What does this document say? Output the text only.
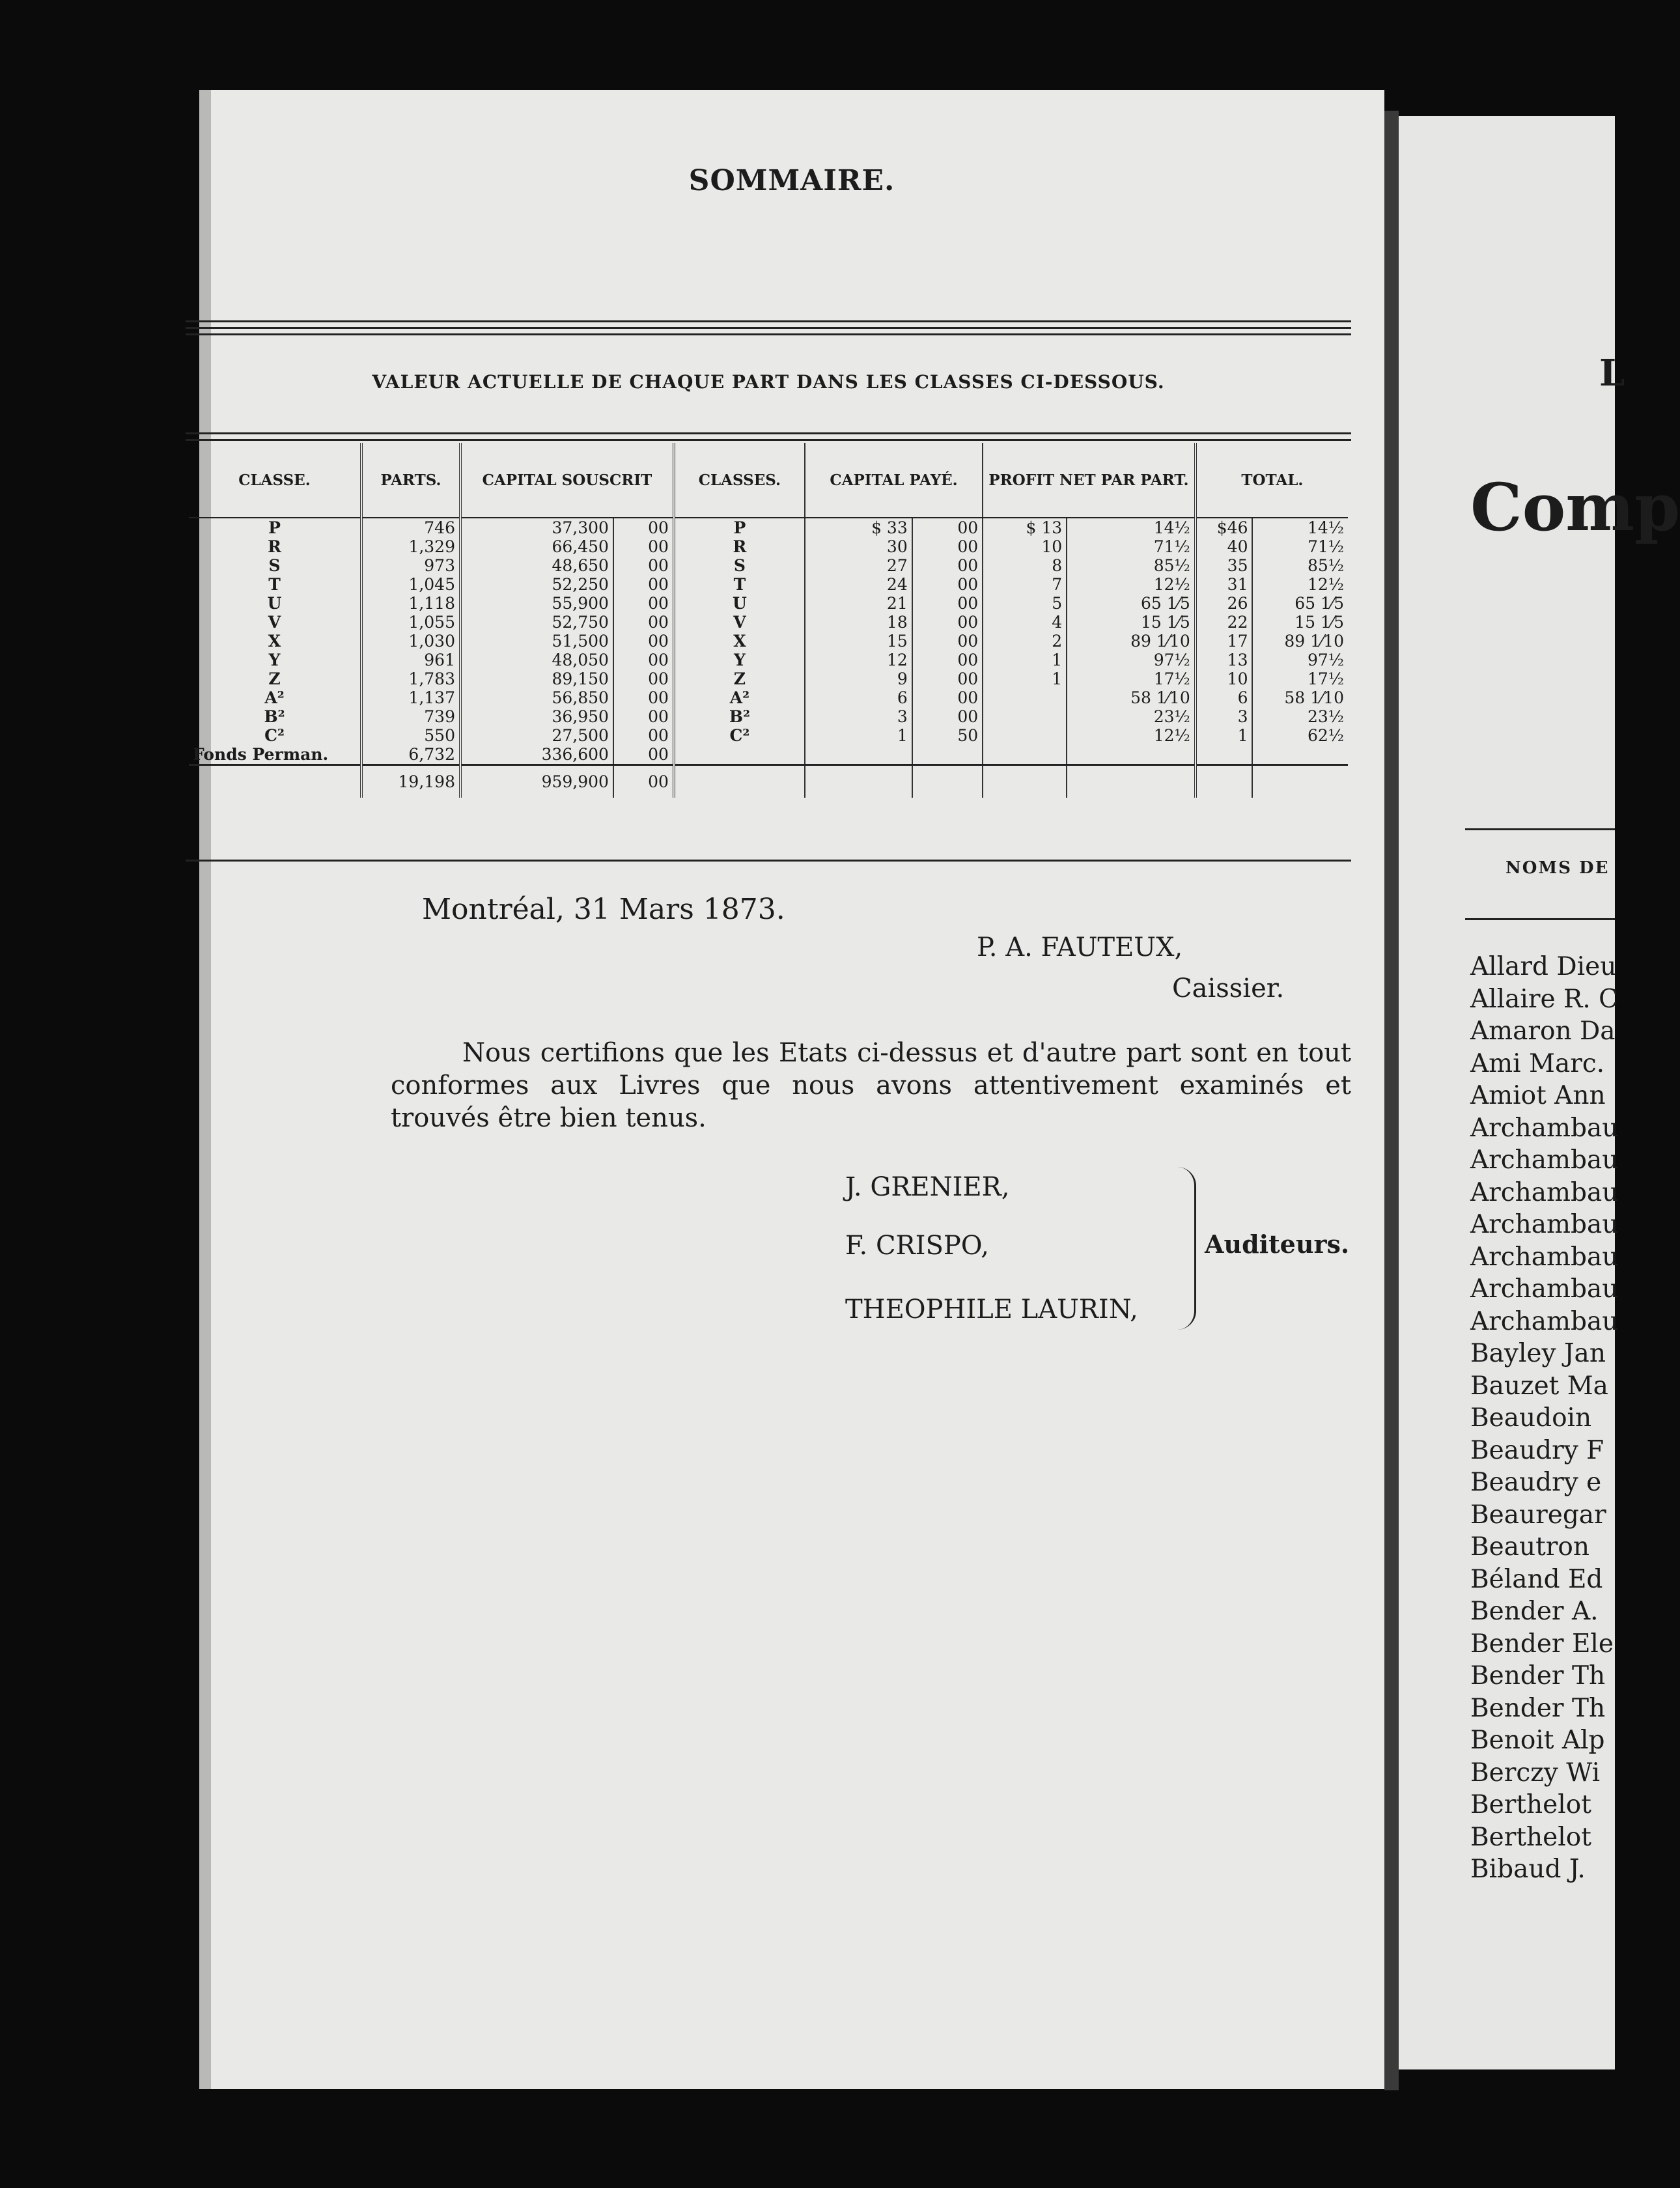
SOMMAIRE.
VALEUR ACTUELLE DE CHAQUE PART DANS LES CLASSES CI-DESSOUS.
CLASSE.	PARTS.	CAPITAL SOUSCRIT		CLASSES.	CAPITAL PAYÉ.		PROFIT NET PAR PART.		TOTAL.	
P	746	37,300	00	P	$ 33	00	$ 13	14½	$46	14½
R	1,329	66,450	00	R	30	00	10	71½	40	71½
S	973	48,650	00	S	27	00	8	85½	35	85½
T	1,045	52,250	00	T	24	00	7	12½	31	12½
U	1,118	55,900	00	U	21	00	5	65 1⁄5	26	65 1⁄5
V	1,055	52,750	00	V	18	00	4	15 1⁄5	22	15 1⁄5
X	1,030	51,500	00	X	15	00	2	89 1⁄10	17	89 1⁄10
Y	961	48,050	00	Y	12	00	1	97½	13	97½
Z	1,783	89,150	00	Z	9	00	1	17½	10	17½
A²	1,137	56,850	00	A²	6	00		58 1⁄10	6	58 1⁄10
B²	739	36,950	00	B²	3	00		23½	3	23½
C²	550	27,500	00	C²	1	50		12½	1	62½
Fonds Perman.	6,732	336,600	00							
	19,198	959,900	00							
Montréal, 31 Mars 1873.
P. A. FAUTEUX,
Caissier.
Nous certifions que les Etats ci-dessus et d'autre part sont en tout conformes aux Livres que nous avons attentivement examinés et trouvés être bien tenus.
J. GRENIER,
F. CRISPO,
THEOPHILE LAURIN,
Auditeurs.
L
Comp
NOMS DE
Allard Dieu
Allaire R. C
Amaron Da
Ami Marc.
Amiot Ann
Archambau
Archambau
Archambau
Archambau
Archambau
Archambau
Archambau
Bayley Jan
Bauzet Ma
Beaudoin
Beaudry F
Beaudry e
Beauregar
Beautron
Béland Ed
Bender A.
Bender Ele
Bender Th
Bender Th
Benoit Alp
Berczy Wi
Berthelot
Berthelot
Bibaud J.
